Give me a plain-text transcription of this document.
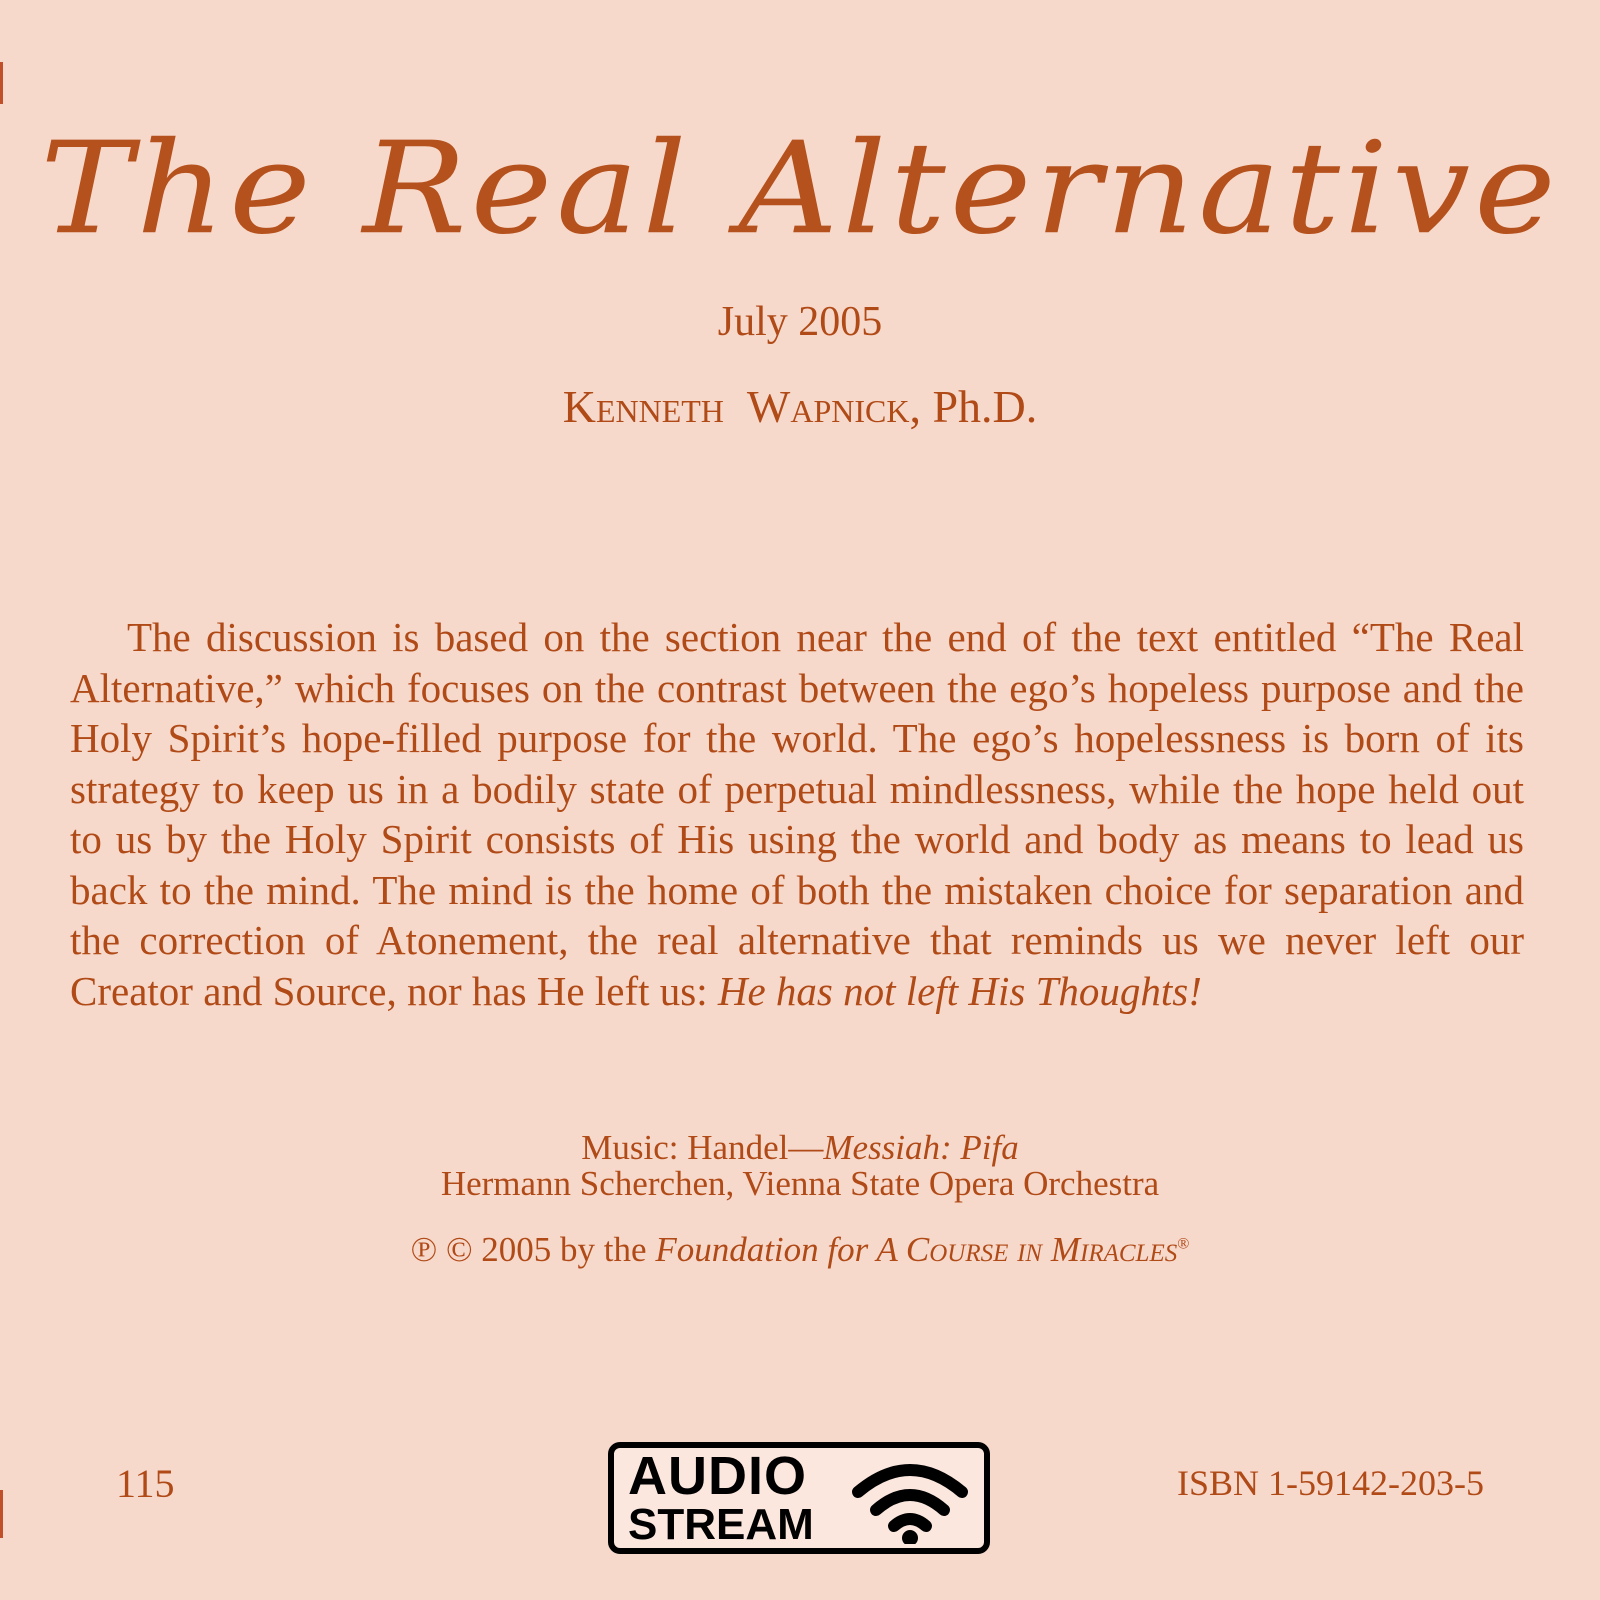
The Real Alternative
July 2005
Kenneth Wapnick, Ph.D.
The discussion is based on the section near the end of the text entitled “The Real Alternative,” which focuses on the contrast between the ego’s hopeless purpose and the Holy Spirit’s hope-filled purpose for the world. The ego’s hopelessness is born of its strategy to keep us in a bodily state of perpetual mindlessness, while the hope held out to us by the Holy Spirit consists of His using the world and body as means to lead us back to the mind. The mind is the home of both the mistaken choice for separation and the correction of Atonement, the real alternative that reminds us we never left our Creator and Source, nor has He left us: He has not left His Thoughts!
Music: Handel—Messiah: Pifa
Hermann Scherchen, Vienna State Opera Orchestra
℗ © 2005 by the Foundation for A Course in Miracles®
115	AUDIO
STREAM
ISBN 1-59142-203-5
